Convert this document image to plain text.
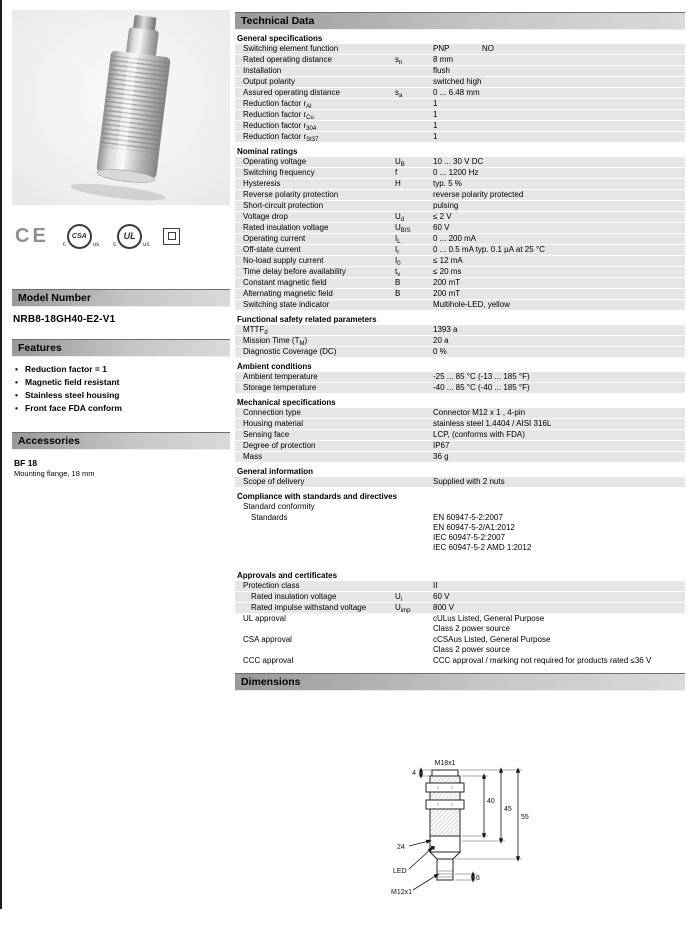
CE c
CSA
us c
UL
us
Model Number
NRB8-18GH40-E2-V1
Features
• Reduction factor = 1
• Magnetic field resistant
• Stainless steel housing
• Front face FDA conform
Accessories
BF 18
Mounting flange, 18 mm
Technical Data
General specifications
Switching element function	PNP	NO
Rated operating distance	$s_n$	8 mm
Installation	flush
Output polarity	switched high
Assured operating distance	$s_a$	0 ... 6.48 mm
Reduction factor $r_{Al}$	1
Reduction factor $r_{Cu}$	1
Reduction factor $r_{304}$	1
Reduction factor $r_{St37}$	1
Nominal ratings
Operating voltage	$U_B$	10 ... 30 V DC
Switching frequency	f	0 ... 1200 Hz
Hysteresis	H	typ. 5 %
Reverse polarity protection	reverse polarity protected
Short-circuit protection	pulsing
Voltage drop	$U_d$	≤ 2 V
Rated insulation voltage	$U_{BIS}$	60 V
Operating current	$I_L$	0 ... 200 mA
Off-state current	$I_r$	0 ... 0.5 mA typ. 0.1 µA at 25 °C
No-load supply current	$I_0$	≤ 12 mA
Time delay before availability	$t_v$	≤ 20 ms
Constant magnetic field	B	200 mT
Alternating magnetic field	B	200 mT
Switching state indicator	Multihole-LED, yellow
Functional safety related parameters
$MTTF_d$	1393 a
Mission Time $(T_M)$	20 a
Diagnostic Coverage (DC)	0 %
Ambient conditions
Ambient temperature	-25 ... 85 °C (-13 ... 185 °F)
Storage temperature	-40 ... 85 °C (-40 ... 185 °F)
Mechanical specifications
Connection type	Connector M12 x 1 , 4-pin
Housing material	stainless steel 1.4404 / AISI 316L
Sensing face	LCP, (conforms with FDA)
Degree of protection	IP67
Mass	36 g
General information
Scope of delivery	Supplied with 2 nuts
Compliance with standards and directives
Standard conformity
Standards	EN 60947-5-2:2007
EN 60947-5-2/A1:2012
IEC 60947-5-2:2007
IEC 60947-5-2 AMD 1:2012
Approvals and certificates
Protection class	II
Rated insulation voltage	$U_i$	60 V
Rated impulse withstand voltage	$U_{imp}$	800 V
UL approval	cULus Listed, General Purpose
Class 2 power source
CSA approval	cCSAus Listed, General Purpose
Class 2 power source
CCC approval	CCC approval / marking not required for products rated ≤36 V
Dimensions
M18x1
4
24
40
45
55
6
LED
M12x1
